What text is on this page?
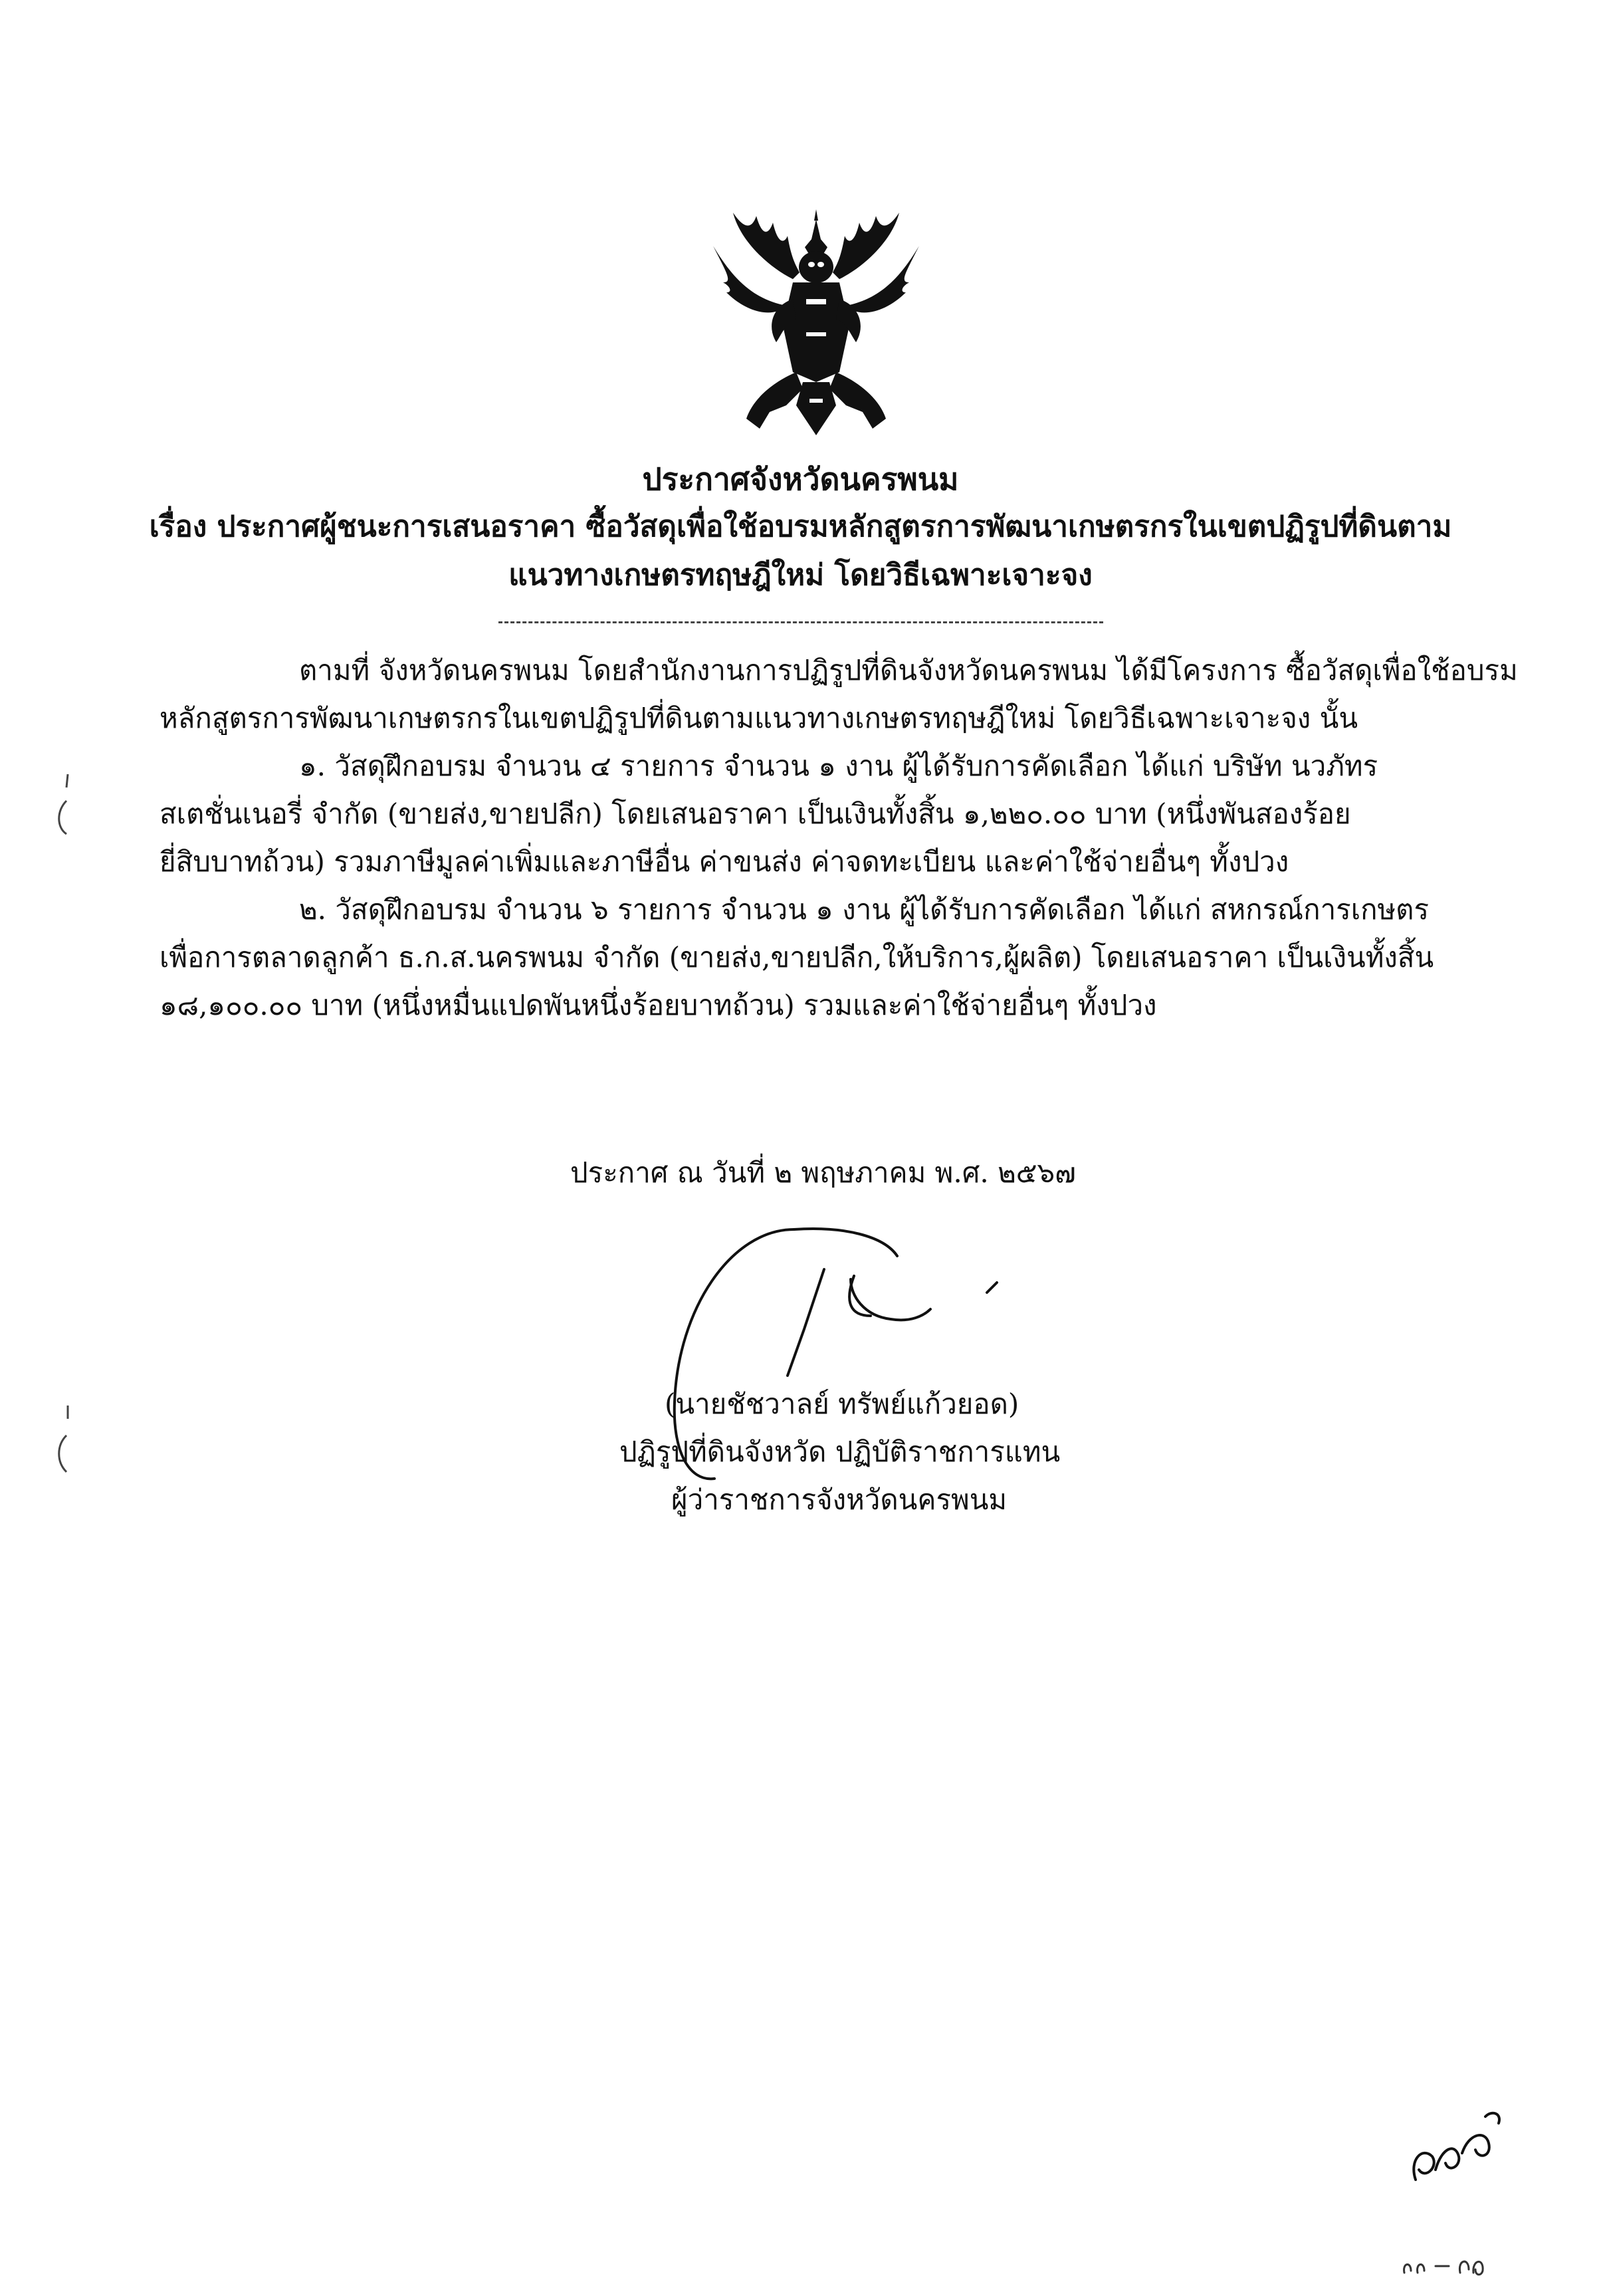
ประกาศจังหวัดนครพนม
เรื่อง ประกาศผู้ชนะการเสนอราคา ซื้อวัสดุเพื่อใช้อบรมหลักสูตรการพัฒนาเกษตรกรในเขตปฏิรูปที่ดินตาม
แนวทางเกษตรทฤษฎีใหม่ โดยวิธีเฉพาะเจาะจง
ตามที่ จังหวัดนครพนม โดยสำนักงานการปฏิรูปที่ดินจังหวัดนครพนม ได้มีโครงการ ซื้อวัสดุเพื่อใช้อบรม
หลักสูตรการพัฒนาเกษตรกรในเขตปฏิรูปที่ดินตามแนวทางเกษตรทฤษฎีใหม่ โดยวิธีเฉพาะเจาะจง นั้น
๑. วัสดุฝึกอบรม จำนวน ๔ รายการ จำนวน ๑ งาน ผู้ได้รับการคัดเลือก ได้แก่ บริษัท นวภัทร
สเตชั่นเนอรี่ จำกัด (ขายส่ง,ขายปลีก) โดยเสนอราคา เป็นเงินทั้งสิ้น ๑,๒๒๐.๐๐ บาท (หนึ่งพันสองร้อย
ยี่สิบบาทถ้วน) รวมภาษีมูลค่าเพิ่มและภาษีอื่น ค่าขนส่ง ค่าจดทะเบียน และค่าใช้จ่ายอื่นๆ ทั้งปวง
๒. วัสดุฝึกอบรม จำนวน ๖ รายการ จำนวน ๑ งาน ผู้ได้รับการคัดเลือก ได้แก่ สหกรณ์การเกษตร
เพื่อการตลาดลูกค้า ธ.ก.ส.นครพนม จำกัด (ขายส่ง,ขายปลีก,ให้บริการ,ผู้ผลิต) โดยเสนอราคา เป็นเงินทั้งสิ้น
๑๘,๑๐๐.๐๐ บาท (หนึ่งหมื่นแปดพันหนึ่งร้อยบาทถ้วน) รวมและค่าใช้จ่ายอื่นๆ ทั้งปวง
ประกาศ ณ วันที่ ๒ พฤษภาคม พ.ศ. ๒๕๖๗
(นายชัชวาลย์ ทรัพย์แก้วยอด)
ปฏิรูปที่ดินจังหวัด ปฏิบัติราชการแทน
ผู้ว่าราชการจังหวัดนครพนม
